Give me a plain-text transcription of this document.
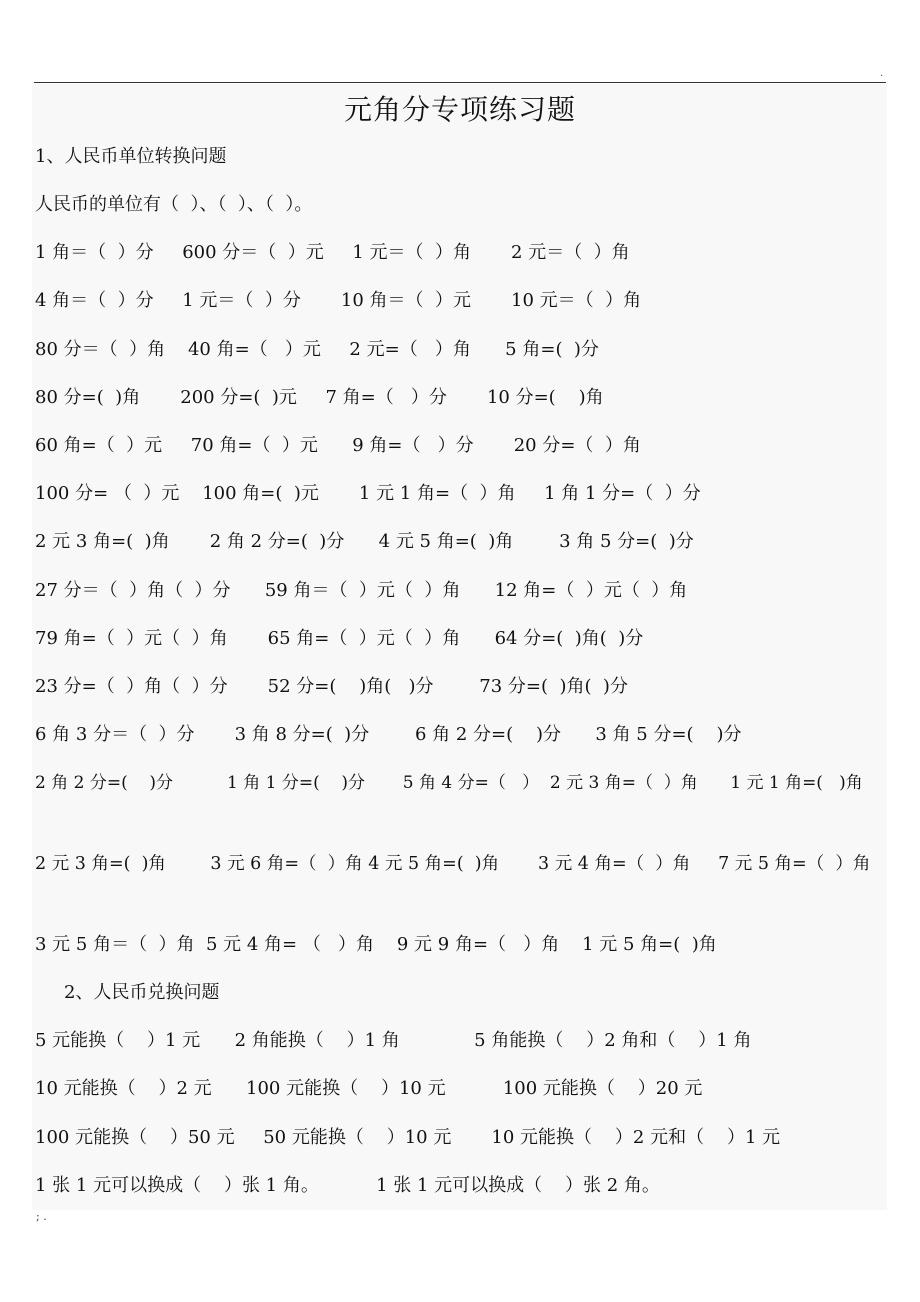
.
元角分专项练习题
1、人民币单位转换问题
人民币的单位有（  ）、（  ）、（  ）。
1 角＝（  ）分     600 分＝（  ）元     1 元＝（  ）角       2 元＝（  ）角
4 角＝（  ）分     1 元＝（  ）分       10 角＝（  ）元       10 元＝（  ）角
80 分＝（  ）角    40 角=（   ）元     2 元=（   ）角      5 角=(  )分
80 分=(  )角       200 分=(  )元     7 角=（   ）分       10 分=(    )角
60 角=（  ）元     70 角=（  ）元      9 角=（   ）分       20 分=（  ）角
100 分= （  ）元    100 角=(  )元       1 元 1 角=（  ）角     1 角 1 分=（  ）分
2 元 3 角=(  )角       2 角 2 分=(  )分      4 元 5 角=(  )角        3 角 5 分=(  )分
27 分＝（  ）角（  ）分      59 角＝（  ）元（  ）角      12 角=（  ）元（  ）角
79 角=（  ）元（  ）角       65 角=（  ）元（  ）角      64 分=(  )角(  )分
23 分=（  ）角（  ）分       52 分=(    )角(   )分        73 分=(  )角(  )分
6 角 3 分＝（  ）分       3 角 8 分=(  )分        6 角 2 分=(    )分      3 角 5 分=(    )分
2 角 2 分=(    )分          1 角 1 分=(    )分       5 角 4 分=（   ）  2 元 3 角=（  ）角      1 元 1 角=(   )角
2 元 3 角=(  )角        3 元 6 角=（  ）角 4 元 5 角=(  )角       3 元 4 角=（  ）角     7 元 5 角=（  ）角
3 元 5 角＝（  ）角  5 元 4 角= （   ）角    9 元 9 角=（   ）角    1 元 5 角=(  )角
2、人民币兑换问题
5 元能换（    ）1 元      2 角能换（    ）1 角             5 角能换（    ）2 角和（    ）1 角
10 元能换（    ）2 元      100 元能换（    ）10 元          100 元能换（    ）20 元
100 元能换（    ）50 元     50 元能换（    ）10 元       10 元能换（    ）2 元和（    ）1 元
1 张 1 元可以换成（    ）张 1 角。          1 张 1 元可以换成（    ）张 2 角。
; .
